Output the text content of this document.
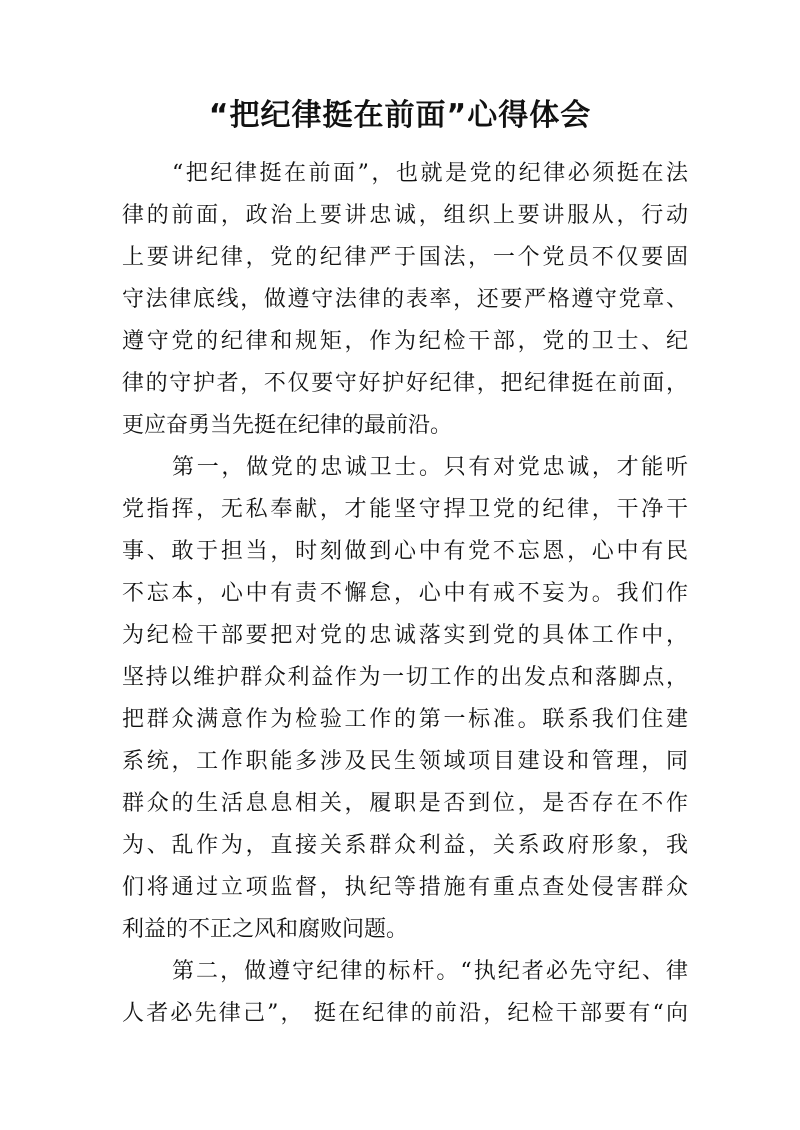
“把纪律挺在前面”心得体会
“把纪律挺在前面”，也就是党的纪律必须挺在法
律的前面，政治上要讲忠诚，组织上要讲服从，行动
上要讲纪律，党的纪律严于国法，一个党员不仅要固
守法律底线，做遵守法律的表率，还要严格遵守党章、
遵守党的纪律和规矩，作为纪检干部，党的卫士、纪
律的守护者，不仅要守好护好纪律，把纪律挺在前面，
更应奋勇当先挺在纪律的最前沿。
第一，做党的忠诚卫士。只有对党忠诚，才能听
党指挥，无私奉献，才能坚守捍卫党的纪律，干净干
事、敢于担当，时刻做到心中有党不忘恩，心中有民
不忘本，心中有责不懈怠，心中有戒不妄为。我们作
为纪检干部要把对党的忠诚落实到党的具体工作中，
坚持以维护群众利益作为一切工作的出发点和落脚点，
把群众满意作为检验工作的第一标准。联系我们住建
系统，工作职能多涉及民生领域项目建设和管理，同
群众的生活息息相关，履职是否到位，是否存在不作
为、乱作为，直接关系群众利益，关系政府形象，我
们将通过立项监督，执纪等措施有重点查处侵害群众
利益的不正之风和腐败问题。
第二，做遵守纪律的标杆。“执纪者必先守纪、律
人者必先律己”， 挺在纪律的前沿，纪检干部要有“向
